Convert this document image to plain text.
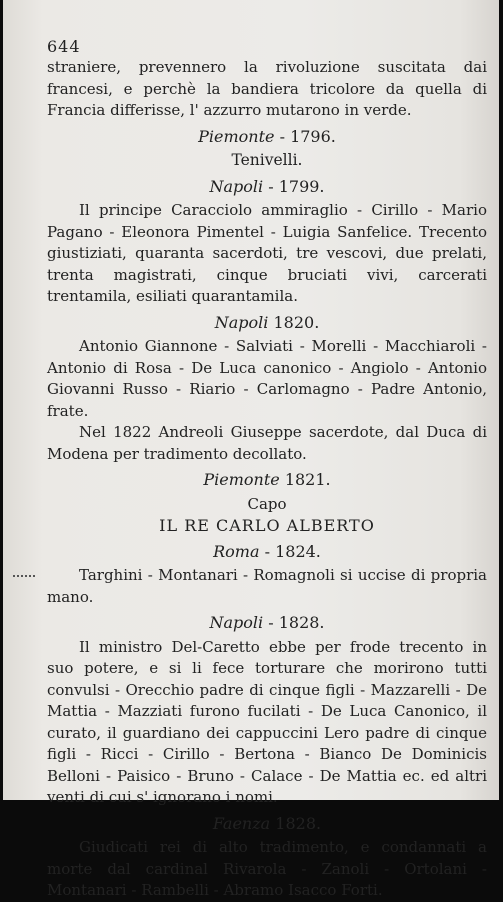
644

straniere, prevennero la rivoluzione suscitata dai francesi, e perchè la bandiera tricolore da quella di Francia differisse, l' azzurro mutarono in verde.

Piemonte - 1796.
Tenivelli.
Napoli - 1799.

Il principe Caracciolo ammiraglio - Cirillo - Mario Pagano - Eleonora Pimentel - Luigia Sanfelice. Trecento giustiziati, quaranta sacerdoti, tre vescovi, due prelati, trenta magistrati, cinque bruciati vivi, carcerati trentamila, esiliati quarantamila.

Napoli 1820.

Antonio Giannone - Salviati - Morelli - Macchiaroli - Antonio di Rosa - De Luca canonico - Angiolo - Antonio Giovanni Russo - Riario - Carlomagno - Padre Antonio, frate.

Nel 1822 Andreoli Giuseppe sacerdote, dal Duca di Modena per tradimento decollato.

Piemonte 1821.
Capo
IL RE CARLO ALBERTO
Roma - 1824.

Targhini - Montanari - Romagnoli si uccise di propria mano.

Napoli - 1828.

Il ministro Del-Caretto ebbe per frode trecento in suo potere, e si li fece torturare che morirono tutti convulsi - Orecchio padre di cinque figli - Mazzarelli - De Mattia - Mazziati furono fucilati - De Luca Canonico, il curato, il guardiano dei cappuccini Lero padre di cinque figli - Ricci - Cirillo - Bertona - Bianco De Dominicis Belloni - Paisico - Bruno - Calace - De Mattia ec. ed altri venti di cui s' ignorano i nomi.

Faenza 1828.

Giudicati rei di alto tradimento, e condannati a morte dal cardinal Rivarola - Zanoli - Ortolani - Montanari - Rambelli - Abramo Isacco Forti.
